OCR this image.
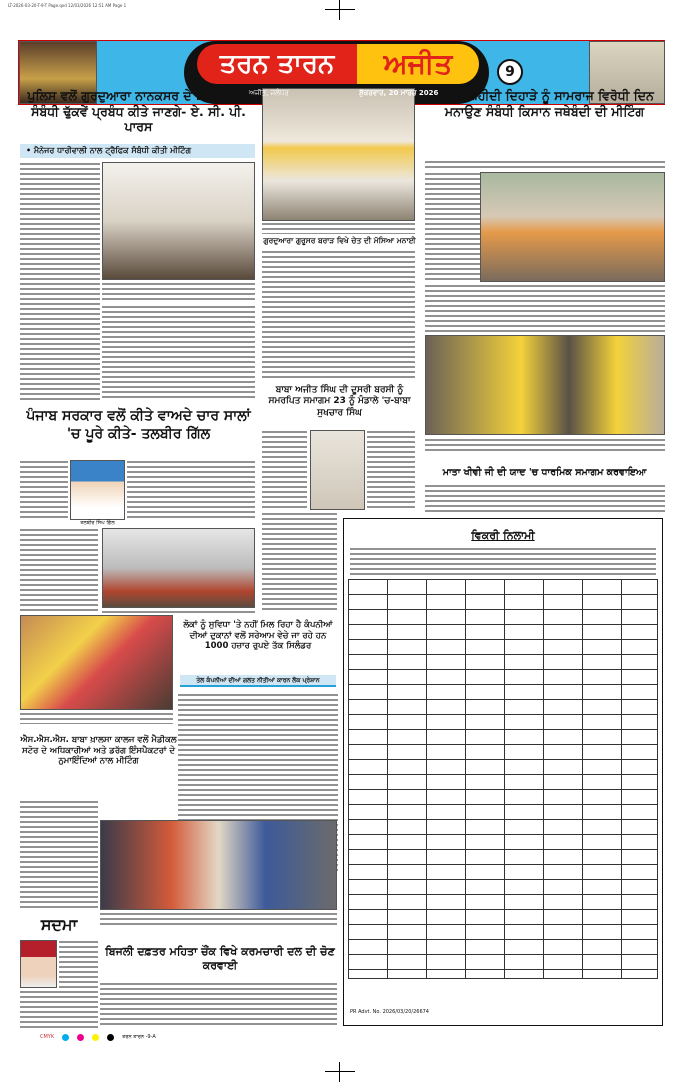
LT-2026-03-20-T-9-T Page.qxd 12/03/2026 12:51 AM Page 1
ਤਰਨ ਤਾਰਨ	ਅਜੀਤ
ਅਜੀਤ, ਜਲੰਧਰ	ਸ਼ੁੱਕਰਵਾਰ, 20 ਮਾਰਚ 2026
9
ਪੁਲਿਸ ਵਲੋਂ ਗੁਰਦੁਆਰਾ ਨਾਨਕਸਰ ਦੇ 2 ਰੋਜ਼ਾ ਮੇਲੇ ਸੰਬੰਧੀ ਢੁੱਕਵੇਂ ਪ੍ਰਬੰਧ ਕੀਤੇ ਜਾਣਗੇ- ਏ. ਸੀ. ਪੀ. ਪਾਰਸ
• ਮੈਨੇਜਰ ਧਾਰੀਵਾਲੀ ਨਾਲ ਟ੍ਰੈਫਿਕ ਸੰਬੰਧੀ ਕੀਤੀ ਮੀਟਿੰਗ
ਗੁਰਦੁਆਰਾ ਗੁਰੂਸਰ ਬਰਾੜ ਵਿਖੇ ਚੇਤ ਦੀ ਮੱਸਿਆ ਮਨਾਈ
ਬਾਬਾ ਅਜੀਤ ਸਿੰਘ ਦੀ ਦੂਸਰੀ ਬਰਸੀ ਨੂੰ ਸਮਰਪਿਤ ਸਮਾਗਮ 23 ਨੂੰ ਮੰਡਾਲੇ 'ਚ-ਬਾਬਾ ਸੁਖਚਾਰ ਸਿੰਘ
23 ਦੇ ਸ਼ਹੀਦੀ ਦਿਹਾੜੇ ਨੂੰ ਸਾਮਰਾਜ ਵਿਰੋਧੀ ਦਿਨ ਮਨਾਉਣ ਸੰਬੰਧੀ ਕਿਸਾਨ ਜਥੇਬੰਦੀ ਦੀ ਮੀਟਿੰਗ
ਮਾਤਾ ਖੀਵੀ ਜੀ ਦੀ ਯਾਦ 'ਚ ਧਾਰਮਿਕ ਸਮਾਗਮ ਕਰਵਾਇਆ
ਪੰਜਾਬ ਸਰਕਾਰ ਵਲੋਂ ਕੀਤੇ ਵਾਅਦੇ ਚਾਰ ਸਾਲਾਂ 'ਚ ਪੂਰੇ ਕੀਤੇ- ਤਲਬੀਰ ਗਿੱਲ
ਤਲਬੀਰ ਸਿੰਘ ਗਿੱਲ
ਲੋਕਾਂ ਨੂੰ ਸੁਵਿਧਾ 'ਤੇ ਨਹੀਂ ਮਿਲ ਰਿਹਾ ਹੈ ਕੰਪਨੀਆਂ ਦੀਆਂ ਦੁਕਾਨਾਂ ਵਲੋਂ ਸਰੇਆਮ ਵੇਚੇ ਜਾ ਰਹੇ ਹਨ 1000 ਹਜ਼ਾਰ ਰੁਪਏ ਤੱਕ ਸਿਲੰਡਰ
ਤੇਲ ਕੰਪਨੀਆਂ ਦੀਆਂ ਗਲਤ ਨੀਤੀਆਂ ਕਾਰਨ ਲੋਕ ਪ੍ਰੇਸ਼ਾਨ
ਐਸ.ਐਸ.ਐਸ. ਬਾਬਾ ਖ਼ਾਲਸਾ ਕਾਲਜ ਵਲੋਂ ਮੈਡੀਕਲ ਸਟੋਰ ਦੇ ਅਧਿਕਾਰੀਆਂ ਅਤੇ ਡਰੱਗ ਇੰਸਪੈਕਟਰਾਂ ਦੇ ਨੁਮਾਇੰਦਿਆਂ ਨਾਲ ਮੀਟਿੰਗ
ਸਦਮਾ
ਬਿਜਲੀ ਦਫ਼ਤਰ ਮਹਿਤਾ ਚੌਂਕ ਵਿਖੇ ਕਰਮਚਾਰੀ ਦਲ ਦੀ ਚੋਣ ਕਰਵਾਈ
ਵਿਕਰੀ ਨਿਲਾਮੀ
PR Advt. No. 2026/03/20/26674
CMYK	ਤਰਨ ਤਾਰਨ -9-A
